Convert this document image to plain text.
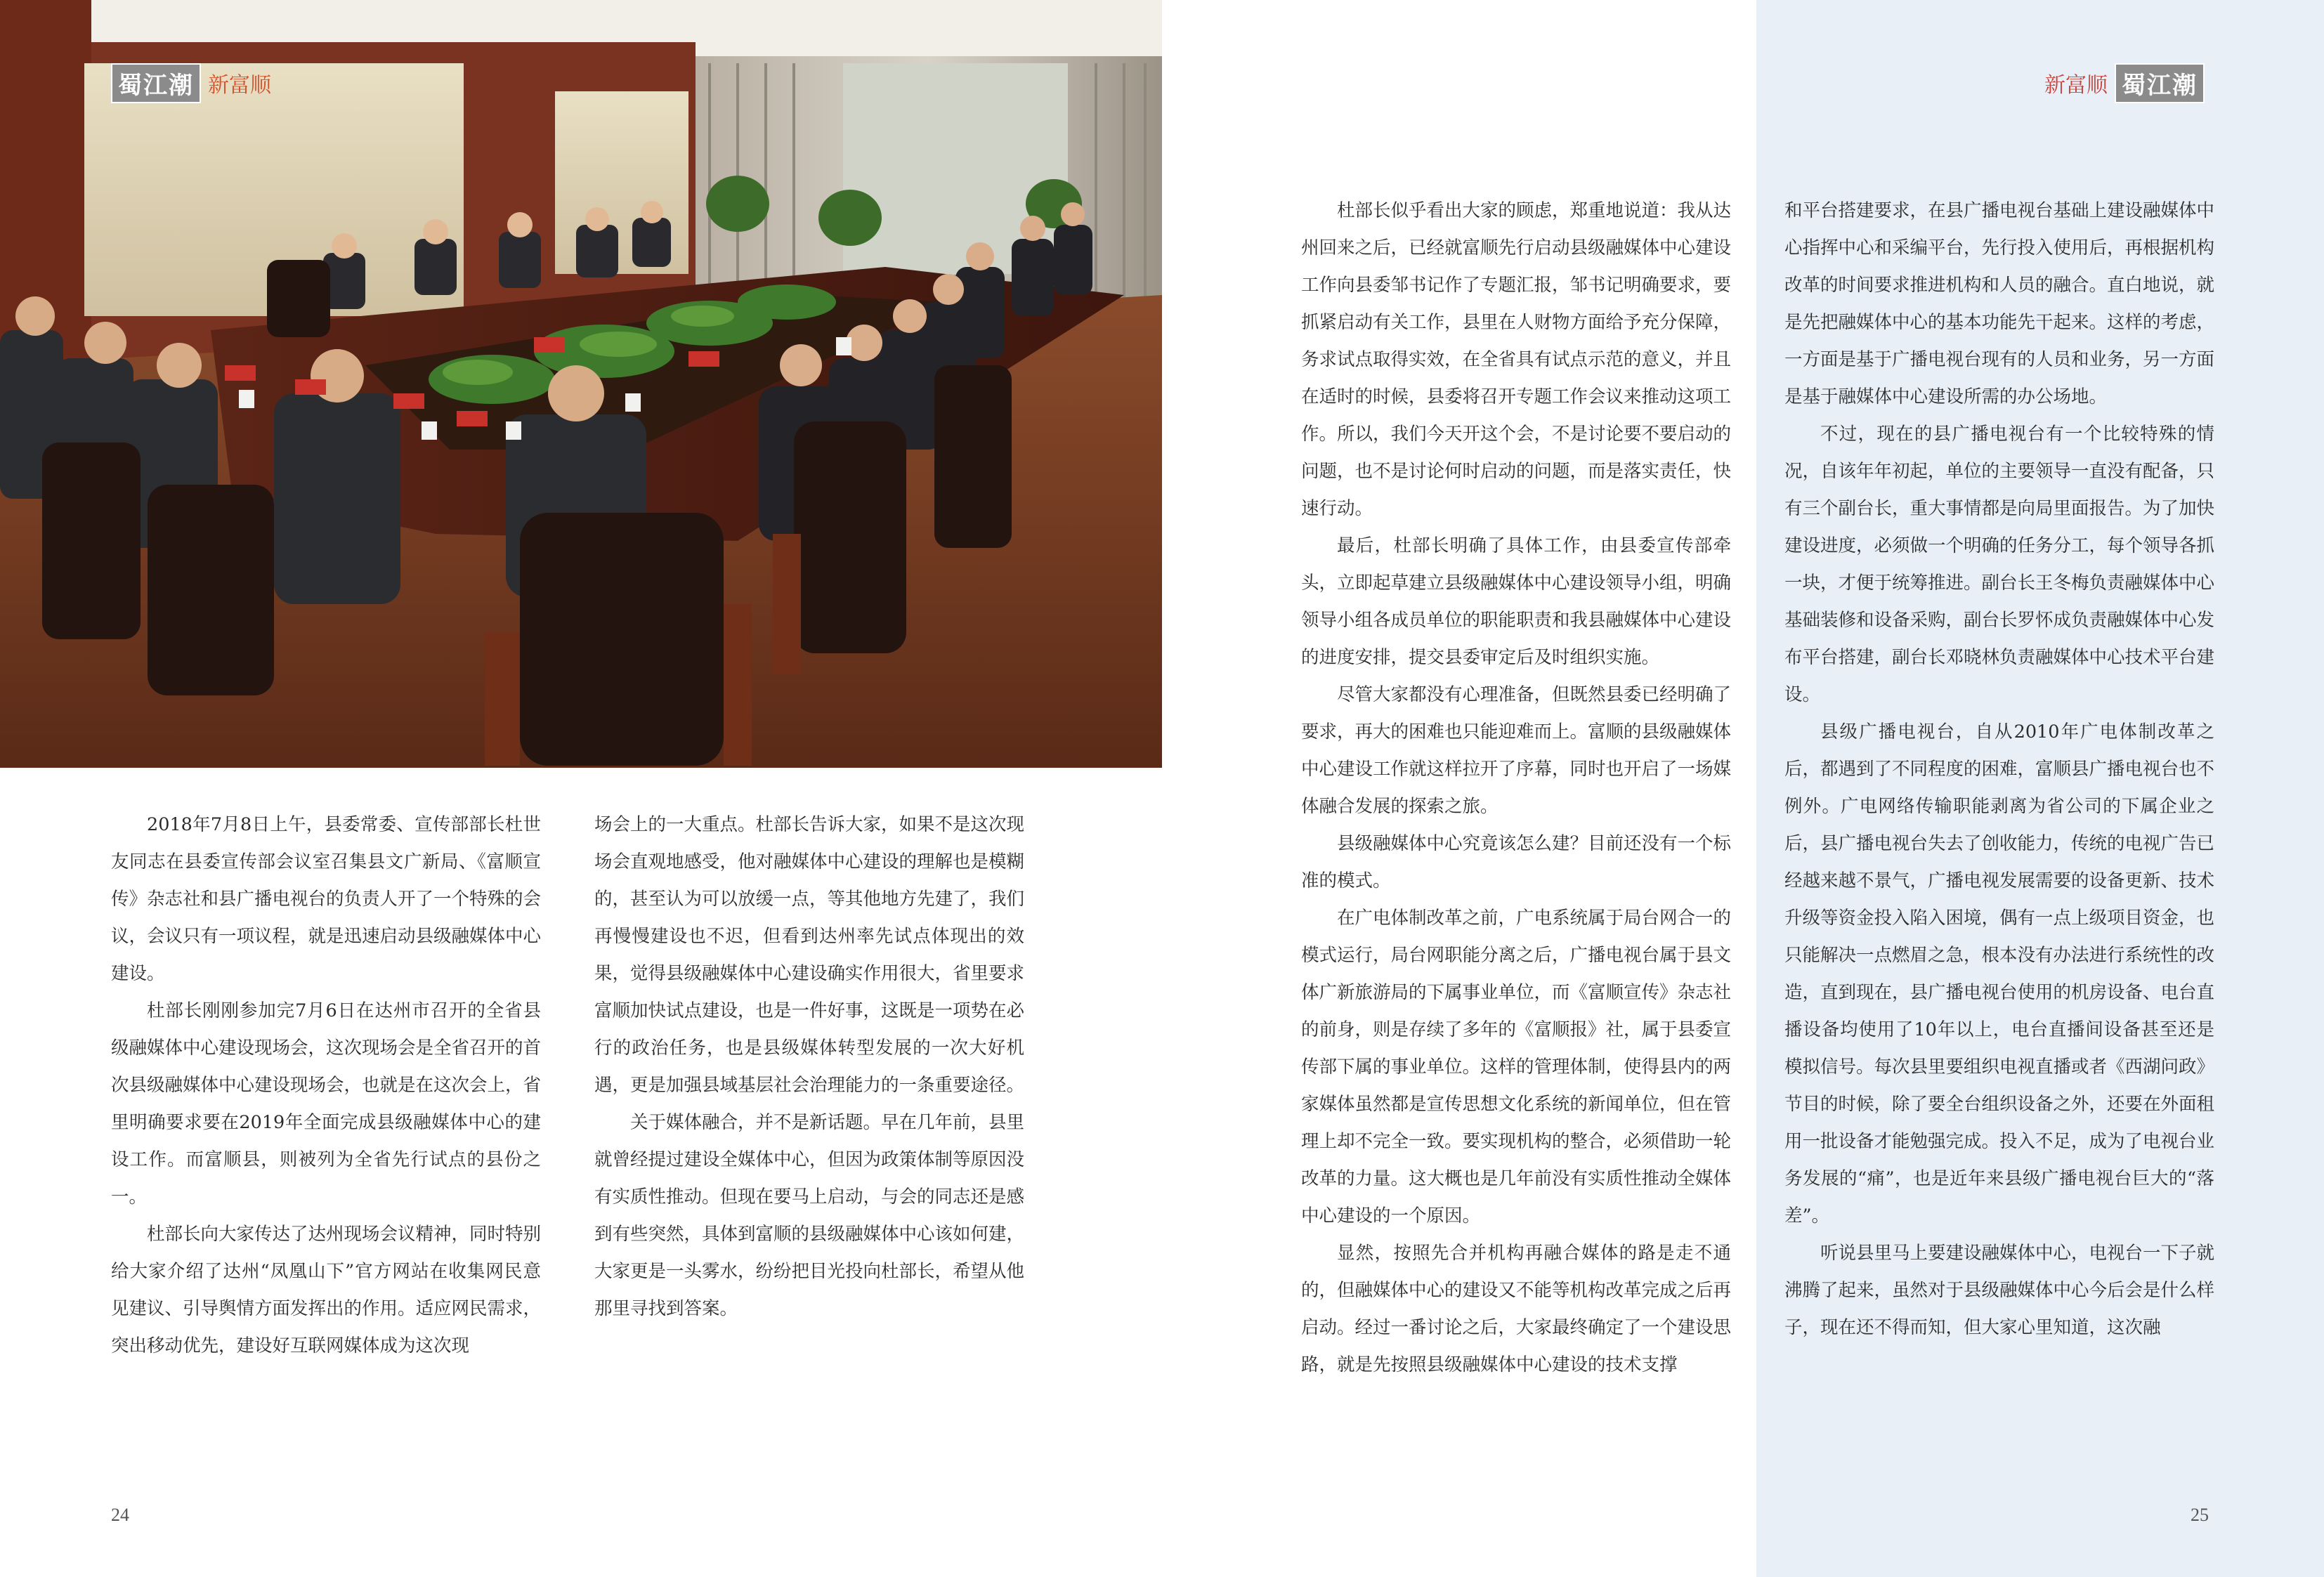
蜀江潮 新富顺

2018年7月8日上午，县委常委、宣传部部长杜世友同志在县委宣传部会议室召集县文广新局、《富顺宣传》杂志社和县广播电视台的负责人开了一个特殊的会议，会议只有一项议程，就是迅速启动县级融媒体中心建设。

杜部长刚刚参加完7月6日在达州市召开的全省县级融媒体中心建设现场会，这次现场会是全省召开的首次县级融媒体中心建设现场会，也就是在这次会上，省里明确要求要在2019年全面完成县级融媒体中心的建设工作。而富顺县，则被列为全省先行试点的县份之一。

杜部长向大家传达了达州现场会议精神，同时特别给大家介绍了达州“凤凰山下”官方网站在收集网民意见建议、引导舆情方面发挥出的作用。适应网民需求，突出移动优先，建设好互联网媒体成为这次现

场会上的一大重点。杜部长告诉大家，如果不是这次现场会直观地感受，他对融媒体中心建设的理解也是模糊的，甚至认为可以放缓一点，等其他地方先建了，我们再慢慢建设也不迟，但看到达州率先试点体现出的效果，觉得县级融媒体中心建设确实作用很大，省里要求富顺加快试点建设，也是一件好事，这既是一项势在必行的政治任务，也是县级媒体转型发展的一次大好机遇，更是加强县域基层社会治理能力的一条重要途径。

关于媒体融合，并不是新话题。早在几年前，县里就曾经提过建设全媒体中心，但因为政策体制等原因没有实质性推动。但现在要马上启动，与会的同志还是感到有些突然，具体到富顺的县级融媒体中心该如何建，大家更是一头雾水，纷纷把目光投向杜部长，希望从他那里寻找到答案。

24
新富顺 蜀江潮

杜部长似乎看出大家的顾虑，郑重地说道：我从达州回来之后，已经就富顺先行启动县级融媒体中心建设工作向县委邹书记作了专题汇报，邹书记明确要求，要抓紧启动有关工作，县里在人财物方面给予充分保障，务求试点取得实效，在全省具有试点示范的意义，并且在适时的时候，县委将召开专题工作会议来推动这项工作。所以，我们今天开这个会，不是讨论要不要启动的问题，也不是讨论何时启动的问题，而是落实责任，快速行动。

最后，杜部长明确了具体工作，由县委宣传部牵头，立即起草建立县级融媒体中心建设领导小组，明确领导小组各成员单位的职能职责和我县融媒体中心建设的进度安排，提交县委审定后及时组织实施。

尽管大家都没有心理准备，但既然县委已经明确了要求，再大的困难也只能迎难而上。富顺的县级融媒体中心建设工作就这样拉开了序幕，同时也开启了一场媒体融合发展的探索之旅。

县级融媒体中心究竟该怎么建？目前还没有一个标准的模式。

在广电体制改革之前，广电系统属于局台网合一的模式运行，局台网职能分离之后，广播电视台属于县文体广新旅游局的下属事业单位，而《富顺宣传》杂志社的前身，则是存续了多年的《富顺报》社，属于县委宣传部下属的事业单位。这样的管理体制，使得县内的两家媒体虽然都是宣传思想文化系统的新闻单位，但在管理上却不完全一致。要实现机构的整合，必须借助一轮改革的力量。这大概也是几年前没有实质性推动全媒体中心建设的一个原因。

显然，按照先合并机构再融合媒体的路是走不通的，但融媒体中心的建设又不能等机构改革完成之后再启动。经过一番讨论之后，大家最终确定了一个建设思路，就是先按照县级融媒体中心建设的技术支撑

和平台搭建要求，在县广播电视台基础上建设融媒体中心指挥中心和采编平台，先行投入使用后，再根据机构改革的时间要求推进机构和人员的融合。直白地说，就是先把融媒体中心的基本功能先干起来。这样的考虑，一方面是基于广播电视台现有的人员和业务，另一方面是基于融媒体中心建设所需的办公场地。

不过，现在的县广播电视台有一个比较特殊的情况，自该年年初起，单位的主要领导一直没有配备，只有三个副台长，重大事情都是向局里面报告。为了加快建设进度，必须做一个明确的任务分工，每个领导各抓一块，才便于统筹推进。副台长王冬梅负责融媒体中心基础装修和设备采购，副台长罗怀成负责融媒体中心发布平台搭建，副台长邓晓林负责融媒体中心技术平台建设。

县级广播电视台，自从2010年广电体制改革之后，都遇到了不同程度的困难，富顺县广播电视台也不例外。广电网络传输职能剥离为省公司的下属企业之后，县广播电视台失去了创收能力，传统的电视广告已经越来越不景气，广播电视发展需要的设备更新、技术升级等资金投入陷入困境，偶有一点上级项目资金，也只能解决一点燃眉之急，根本没有办法进行系统性的改造，直到现在，县广播电视台使用的机房设备、电台直播设备均使用了10年以上，电台直播间设备甚至还是模拟信号。每次县里要组织电视直播或者《西湖问政》节目的时候，除了要全台组织设备之外，还要在外面租用一批设备才能勉强完成。投入不足，成为了电视台业务发展的“痛”，也是近年来县级广播电视台巨大的“落差”。

听说县里马上要建设融媒体中心，电视台一下子就沸腾了起来，虽然对于县级融媒体中心今后会是什么样子，现在还不得而知，但大家心里知道，这次融

25
